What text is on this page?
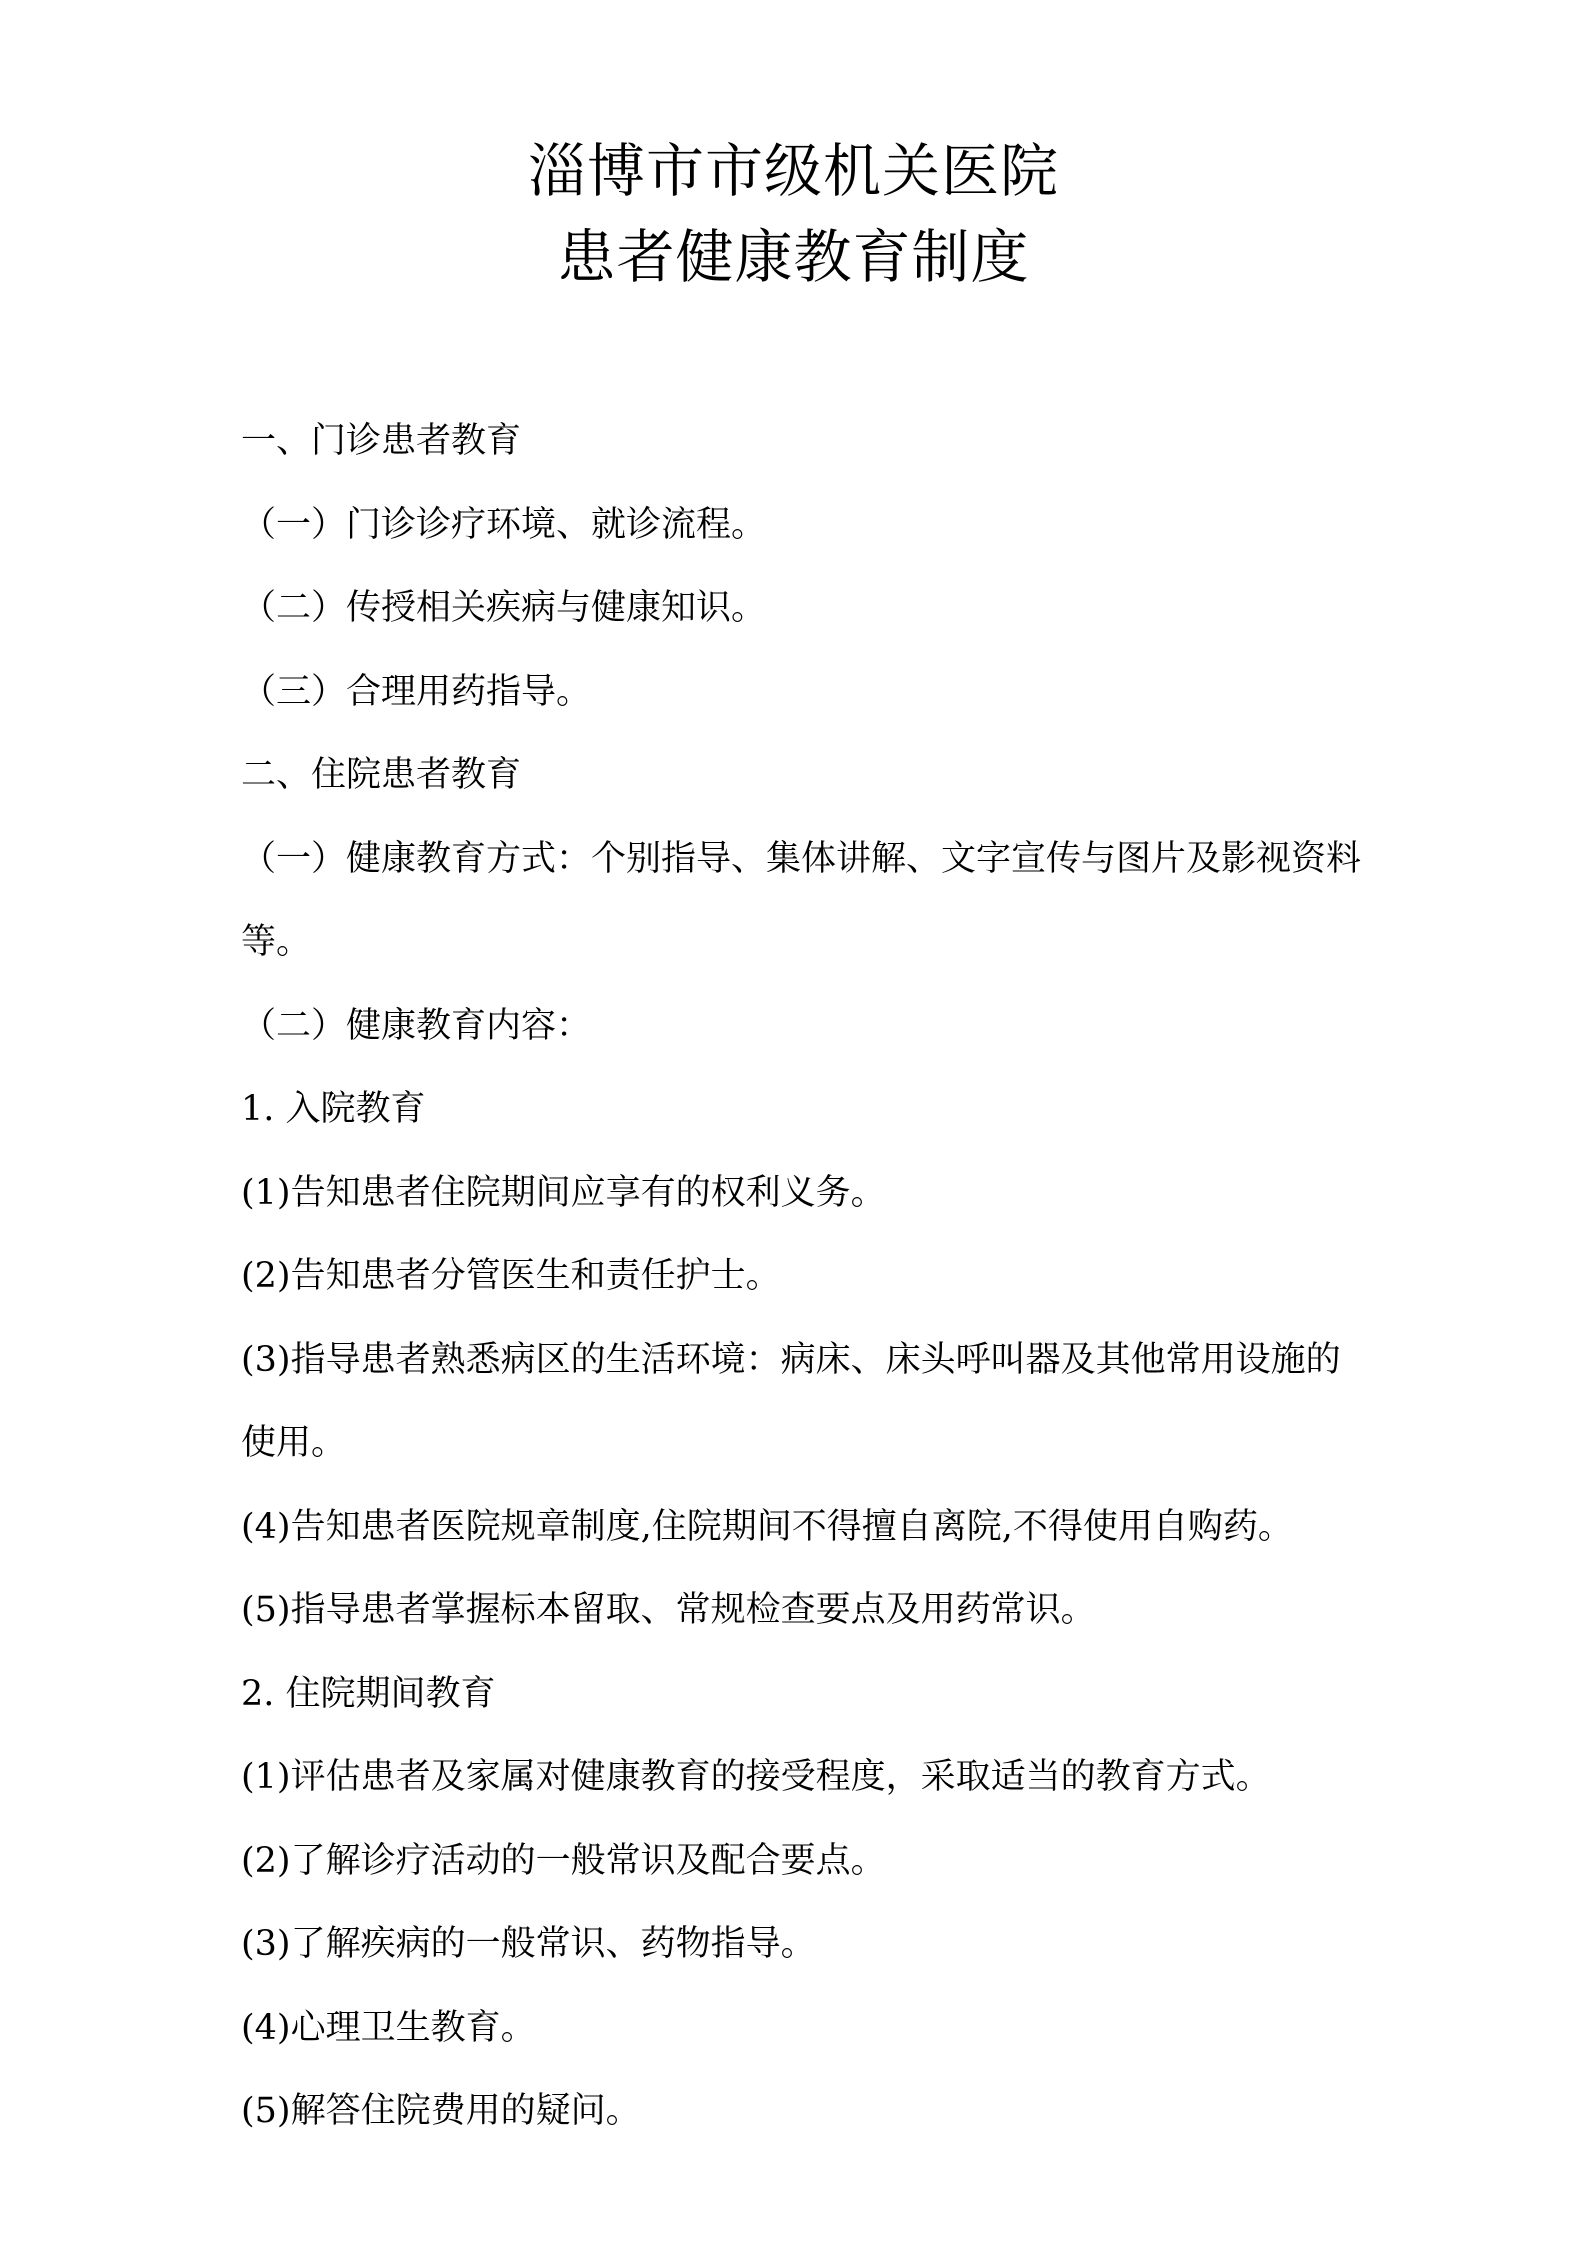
淄博市市级机关医院
患者健康教育制度

一、门诊患者教育

（一）门诊诊疗环境、就诊流程。

（二）传授相关疾病与健康知识。

（三）合理用药指导。

二、住院患者教育

（一）健康教育方式：个别指导、集体讲解、文字宣传与图片及影视资料等。

（二）健康教育内容：

1. 入院教育

(1)告知患者住院期间应享有的权利义务。

(2)告知患者分管医生和责任护士。

(3)指导患者熟悉病区的生活环境：病床、床头呼叫器及其他常用设施的使用。

(4)告知患者医院规章制度,住院期间不得擅自离院,不得使用自购药。

(5)指导患者掌握标本留取、常规检查要点及用药常识。

2. 住院期间教育

(1)评估患者及家属对健康教育的接受程度，采取适当的教育方式。

(2)了解诊疗活动的一般常识及配合要点。

(3)了解疾病的一般常识、药物指导。

(4)心理卫生教育。

(5)解答住院费用的疑问。
